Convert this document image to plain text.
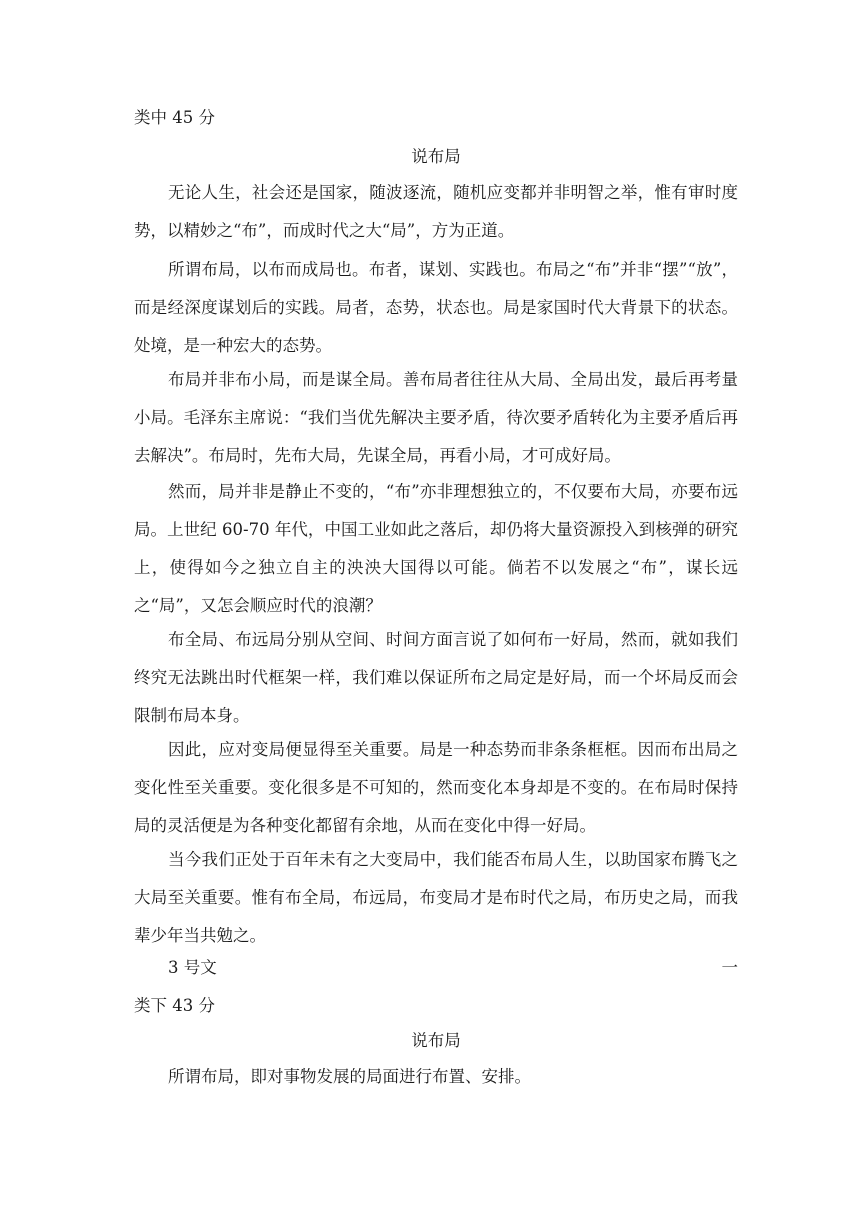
类中 45 分
说布局

无论人生，社会还是国家，随波逐流，随机应变都并非明智之举，惟有审时度势，以精妙之“布”，而成时代之大“局”，方为正道。

所谓布局，以布而成局也。布者，谋划、实践也。布局之“布”并非“摆”“放”，而是经深度谋划后的实践。局者，态势，状态也。局是家国时代大背景下的状态。处境，是一种宏大的态势。

布局并非布小局，而是谋全局。善布局者往往从大局、全局出发，最后再考量小局。毛泽东主席说：“我们当优先解决主要矛盾，待次要矛盾转化为主要矛盾后再去解决”。布局时，先布大局，先谋全局，再看小局，才可成好局。

然而，局并非是静止不变的，“布”亦非理想独立的，不仅要布大局，亦要布远局。上世纪 60-70 年代，中国工业如此之落后，却仍将大量资源投入到核弹的研究上，使得如今之独立自主的泱泱大国得以可能。倘若不以发展之“布”，谋长远之“局”，又怎会顺应时代的浪潮？

布全局、布远局分别从空间、时间方面言说了如何布一好局，然而，就如我们终究无法跳出时代框架一样，我们难以保证所布之局定是好局，而一个坏局反而会限制布局本身。

因此，应对变局便显得至关重要。局是一种态势而非条条框框。因而布出局之变化性至关重要。变化很多是不可知的，然而变化本身却是不变的。在布局时保持局的灵活便是为各种变化都留有余地，从而在变化中得一好局。

当今我们正处于百年未有之大变局中，我们能否布局人生，以助国家布腾飞之大局至关重要。惟有布全局，布远局，布变局才是布时代之局，布历史之局，而我辈少年当共勉之。

3 号文	一
类下 43 分
说布局

所谓布局，即对事物发展的局面进行布置、安排。
